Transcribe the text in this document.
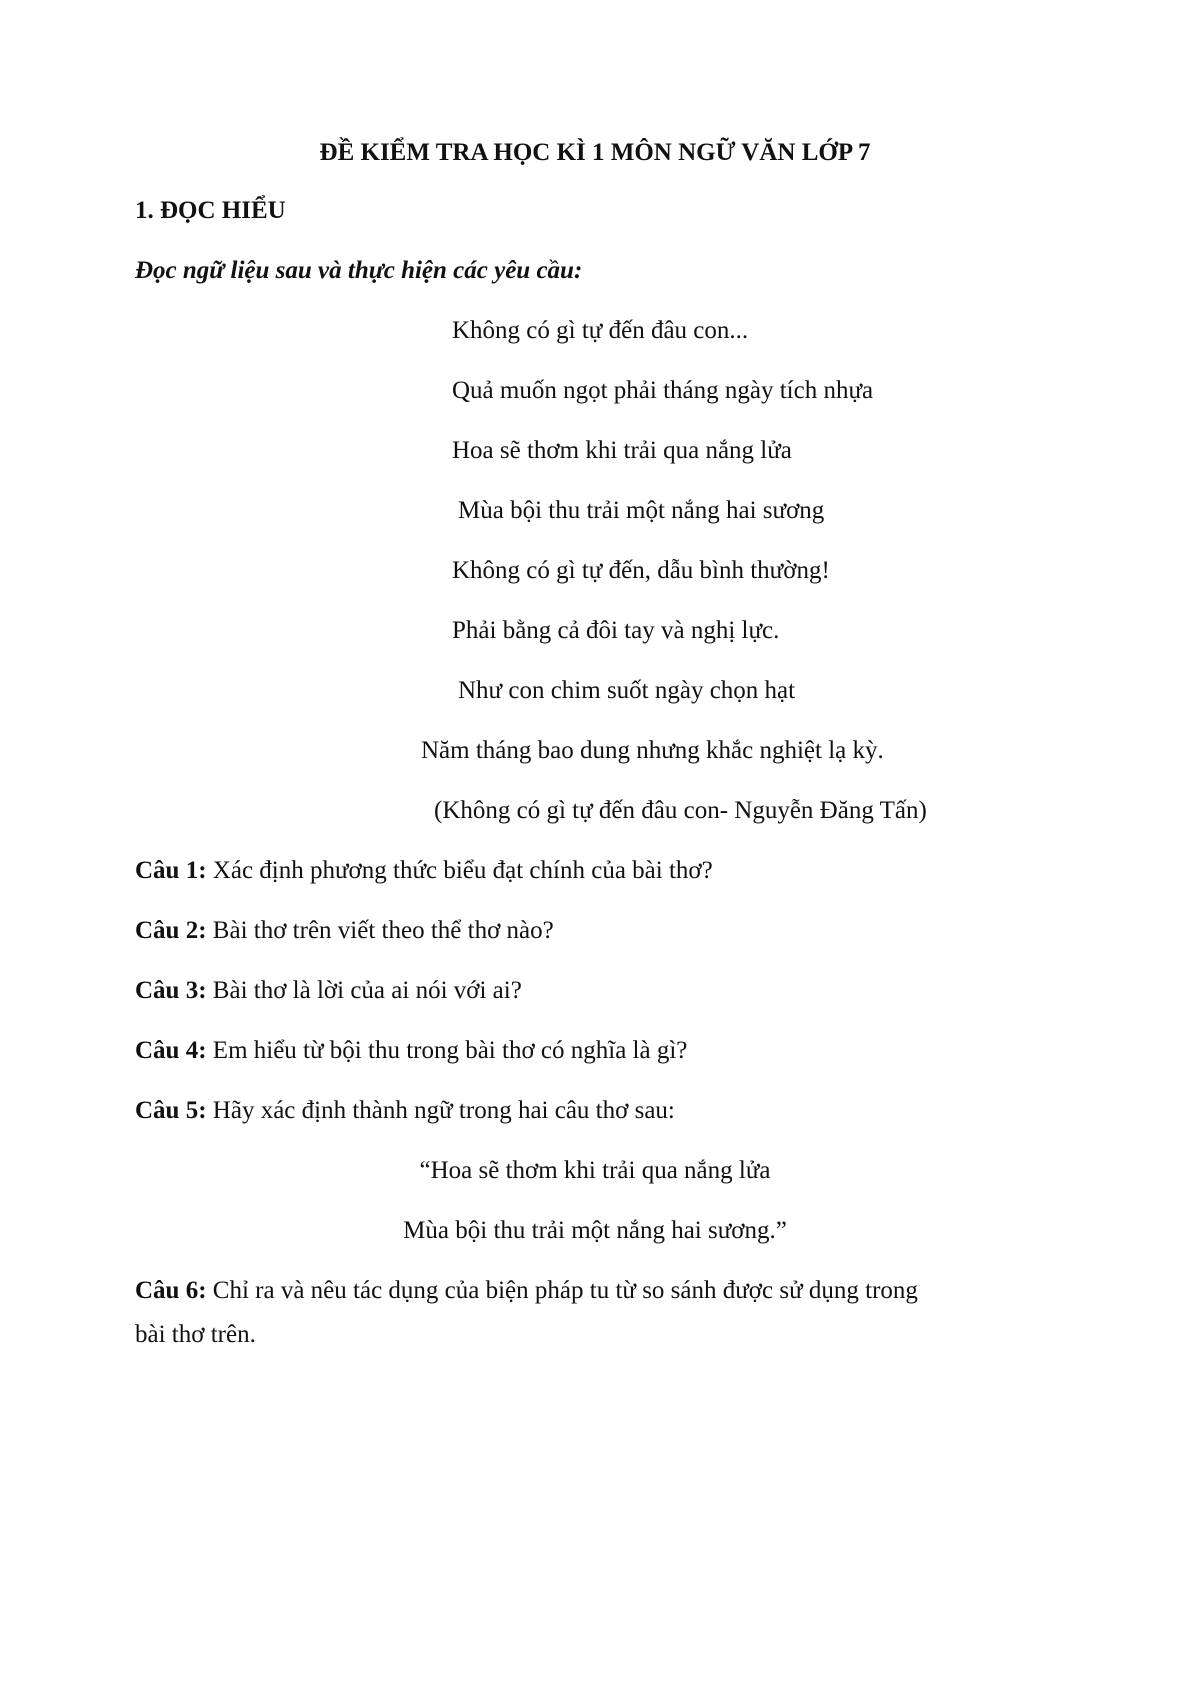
ĐỀ KIỂM TRA HỌC KÌ 1 MÔN NGỮ VĂN LỚP 7
1. ĐỌC HIỂU
Đọc ngữ liệu sau và thực hiện các yêu cầu:
Không có gì tự đến đâu con...
Quả muốn ngọt phải tháng ngày tích nhựa
Hoa sẽ thơm khi trải qua nắng lửa
Mùa bội thu trải một nắng hai sương
Không có gì tự đến, dẫu bình thường!
Phải bằng cả đôi tay và nghị lực.
Như con chim suốt ngày chọn hạt
Năm tháng bao dung nhưng khắc nghiệt lạ kỳ.
(Không có gì tự đến đâu con- Nguyễn Đăng Tấn)
Câu 1: Xác định phương thức biểu đạt chính của bài thơ?
Câu 2: Bài thơ trên viết theo thể thơ nào?
Câu 3: Bài thơ là lời của ai nói với ai?
Câu 4: Em hiểu từ bội thu trong bài thơ có nghĩa là gì?
Câu 5: Hãy xác định thành ngữ trong hai câu thơ sau:
“Hoa sẽ thơm khi trải qua nắng lửa
Mùa bội thu trải một nắng hai sương.”
Câu 6: Chỉ ra và nêu tác dụng của biện pháp tu từ so sánh được sử dụng trong
bài thơ trên.
